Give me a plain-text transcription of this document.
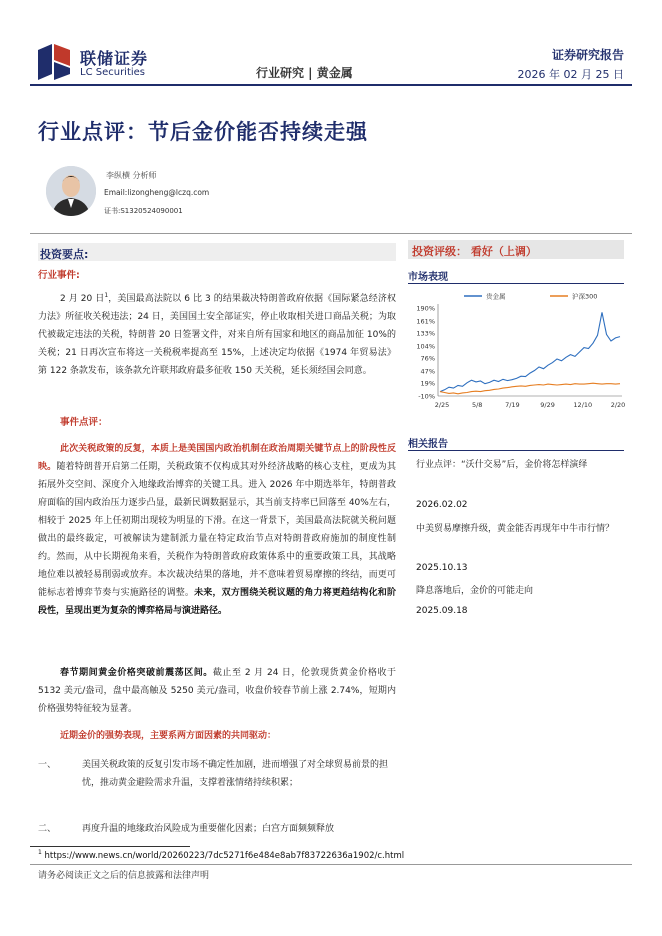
联储证券
LC Securities	行业研究 | 黄金属
证券研究报告
2026 年 02 月 25 日
行业点评：节后金价能否持续走强
李纵横 分析师
Email:lizongheng@lczq.com
证书:S1320524090001
投资要点:
行业事件:
2 月 20 日$^1$，美国最高法院以 6 比 3 的结果裁决特朗普政府依据《国际紧急经济权力法》所征收关税违法；24 日，美国国土安全部证实，停止收取相关进口商品关税；为取代被裁定违法的关税，特朗普 20 日签署文件，对来自所有国家和地区的商品加征 10%的关税；21 日再次宣布将这一关税税率提高至 15%，上述决定均依据《1974 年贸易法》第 122 条款发布，该条款允许联邦政府最多征收 150 天关税，延长须经国会同意。
事件点评：
此次关税政策的反复，本质上是美国国内政治机制在政治周期关键节点上的阶段性反映。随着特朗普开启第二任期，关税政策不仅构成其对外经济战略的核心支柱，更成为其拓展外交空间、深度介入地缘政治博弈的关键工具。进入 2026 年中期选举年，特朗普政府面临的国内政治压力逐步凸显，最新民调数据显示，其当前支持率已回落至 40%左右，相较于 2025 年上任初期出现较为明显的下滑。在这一背景下，美国最高法院就关税问题做出的最终裁定，可被解读为建制派力量在特定政治节点对特朗普政府施加的制度性制约。然而，从中长期视角来看，关税作为特朗普政府政策体系中的重要政策工具，其战略地位难以被轻易削弱或放弃。本次裁决结果的落地，并不意味着贸易摩擦的终结，而更可能标志着博弈节奏与实施路径的调整。未来，双方围绕关税议题的角力将更趋结构化和阶段性，呈现出更为复杂的博弈格局与演进路径。
春节期间黄金价格突破前震荡区间。截止至 2 月 24 日，伦敦现货黄金价格收于 5132 美元/盎司，盘中最高触及 5250 美元/盎司，收盘价较春节前上涨 2.74%，短期内价格强势特征较为显著。
近期金价的强势表现，主要系两方面因素的共同驱动：
一、	美国关税政策的反复引发市场不确定性加剧，进而增强了对全球贸易前景的担忧，推动黄金避险需求升温，支撑着涨情绪持续积累；
二、	再度升温的地缘政治风险成为重要催化因素；白宫方面频频释放
投资评级： 看好（上调）
市场表现
190%
161%
133%
104%
76%
47%
19%
-10%
2/25	5/8	7/19	9/29	12/10	2/20
贵金属	沪深300
相关报告
行业点评：“沃什交易”后，金价将怎样演绎
2026.02.02
中美贸易摩擦升级，黄金能否再现年中牛市行情？
2025.10.13
降息落地后，金价的可能走向
2025.09.18
$^1$ https://www.news.cn/world/20260223/7dc5271f6e484e8ab7f83722636a1902/c.html
请务必阅读正文之后的信息披露和法律声明
